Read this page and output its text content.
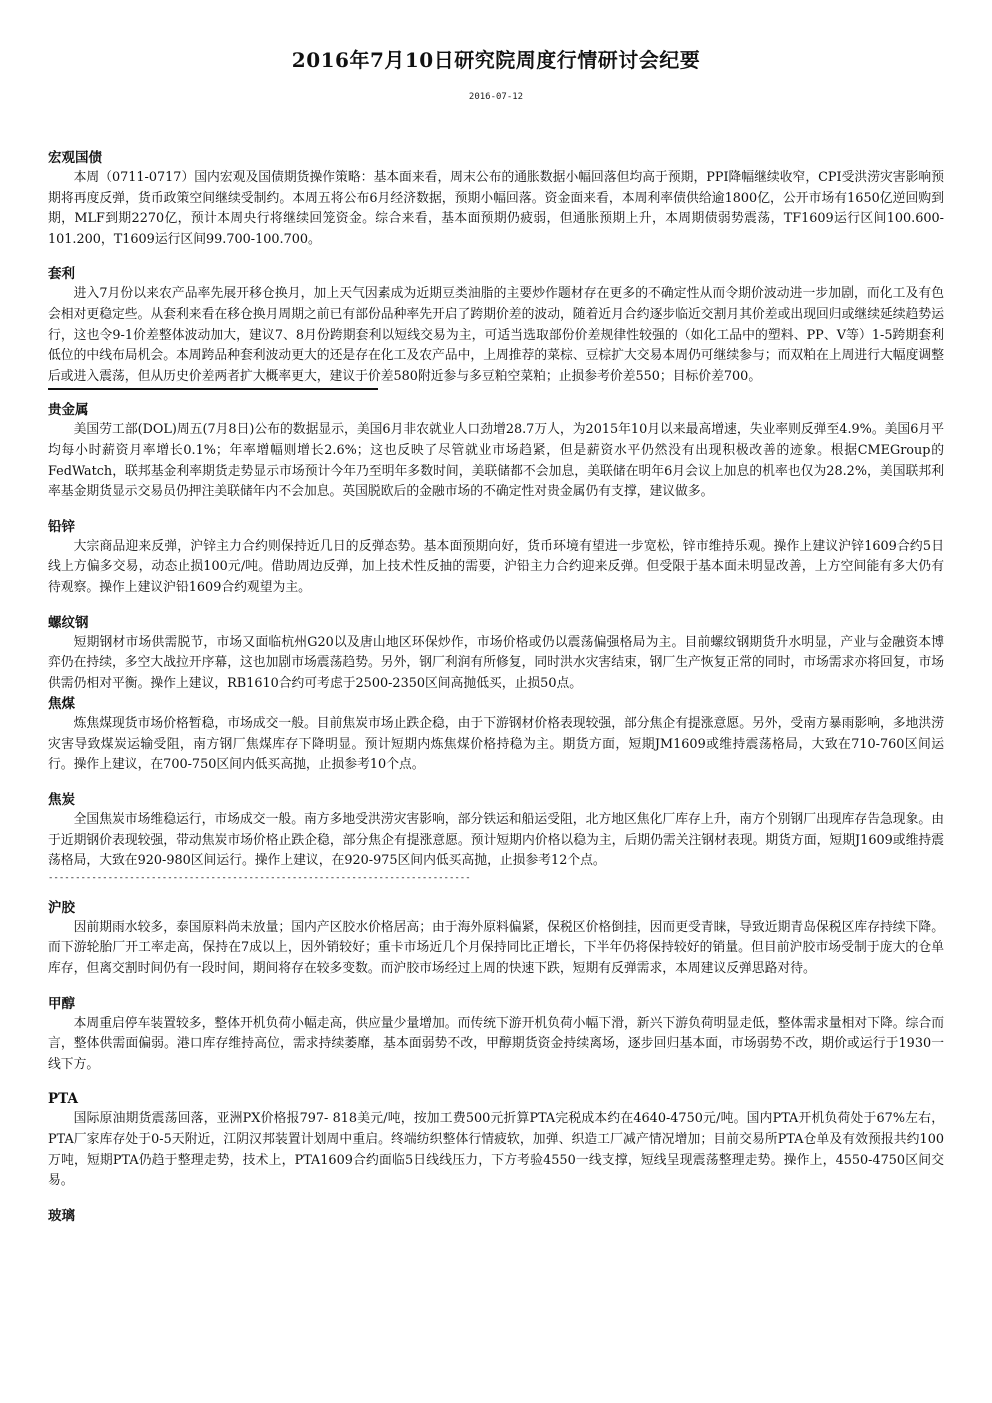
2016年7月10日研究院周度行情研讨会纪要
2016-07-12

宏观国债

本周（0711-0717）国内宏观及国债期货操作策略：基本面来看，周末公布的通胀数据小幅回落但均高于预期，PPI降幅继续收窄，CPI受洪涝灾害影响预期将再度反弹，货币政策空间继续受制约。本周五将公布6月经济数据，预期小幅回落。资金面来看，本周利率债供给逾1800亿，公开市场有1650亿逆回购到期，MLF到期2270亿，预计本周央行将继续回笼资金。综合来看，基本面预期仍疲弱，但通胀预期上升，本周期债弱势震荡，TF1609运行区间100.600-101.200，T1609运行区间99.700-100.700。

套利

进入7月份以来农产品率先展开移仓换月，加上天气因素成为近期豆类油脂的主要炒作题材存在更多的不确定性从而令期价波动进一步加剧，而化工及有色会相对更稳定些。从套利来看在移仓换月周期之前已有部份品种率先开启了跨期价差的波动，随着近月合约逐步临近交割月其价差或出现回归或继续延续趋势运行，这也令9-1价差整体波动加大，建议7、8月份跨期套利以短线交易为主，可适当选取部份价差规律性较强的（如化工品中的塑料、PP、V等）1-5跨期套利低位的中线布局机会。本周跨品种套利波动更大的还是存在化工及农产品中，上周推荐的菜棕、豆棕扩大交易本周仍可继续参与；而双粕在上周进行大幅度调整后或进入震荡，但从历史价差两者扩大概率更大，建议于价差580附近参与多豆粕空菜粕；止损参考价差550；目标价差700。

贵金属

美国劳工部(DOL)周五(7月8日)公布的数据显示，美国6月非农就业人口劲增28.7万人，为2015年10月以来最高增速，失业率则反弹至4.9%。美国6月平均每小时薪资月率增长0.1%；年率增幅则增长2.6%；这也反映了尽管就业市场趋紧，但是薪资水平仍然没有出现积极改善的迹象。根据CMEGroup的FedWatch，联邦基金利率期货走势显示市场预计今年乃至明年多数时间，美联储都不会加息，美联储在明年6月会议上加息的机率也仅为28.2%，美国联邦利率基金期货显示交易员仍押注美联储年内不会加息。英国脱欧后的金融市场的不确定性对贵金属仍有支撑，建议做多。

铅锌

大宗商品迎来反弹，沪锌主力合约则保持近几日的反弹态势。基本面预期向好，货币环境有望进一步宽松，锌市维持乐观。操作上建议沪锌1609合约5日线上方偏多交易，动态止损100元/吨。借助周边反弹，加上技术性反抽的需要，沪铅主力合约迎来反弹。但受限于基本面未明显改善，上方空间能有多大仍有待观察。操作上建议沪铅1609合约观望为主。

螺纹钢

短期钢材市场供需脱节，市场又面临杭州G20以及唐山地区环保炒作，市场价格或仍以震荡偏强格局为主。目前螺纹钢期货升水明显，产业与金融资本博弈仍在持续，多空大战拉开序幕，这也加剧市场震荡趋势。另外，钢厂利润有所修复，同时洪水灾害结束，钢厂生产恢复正常的同时，市场需求亦将回复，市场供需仍相对平衡。操作上建议，RB1610合约可考虑于2500-2350区间高抛低买，止损50点。

焦煤

炼焦煤现货市场价格暂稳，市场成交一般。目前焦炭市场止跌企稳，由于下游钢材价格表现较强，部分焦企有提涨意愿。另外，受南方暴雨影响，多地洪涝灾害导致煤炭运输受阻，南方钢厂焦煤库存下降明显。预计短期内炼焦煤价格持稳为主。期货方面，短期JM1609或维持震荡格局，大致在710-760区间运行。操作上建议，在700-750区间内低买高抛，止损参考10个点。

焦炭

全国焦炭市场维稳运行，市场成交一般。南方多地受洪涝灾害影响，部分铁运和船运受阻，北方地区焦化厂库存上升，南方个别钢厂出现库存告急现象。由于近期钢价表现较强，带动焦炭市场价格止跌企稳，部分焦企有提涨意愿。预计短期内价格以稳为主，后期仍需关注钢材表现。期货方面，短期J1609或维持震荡格局，大致在920-980区间运行。操作上建议，在920-975区间内低买高抛，止损参考12个点。

------------------------------------------------------------------------------

沪胶

因前期雨水较多，泰国原料尚未放量；国内产区胶水价格居高；由于海外原料偏紧，保税区价格倒挂，因而更受青睐，导致近期青岛保税区库存持续下降。而下游轮胎厂开工率走高，保持在7成以上，因外销较好；重卡市场近几个月保持同比正增长，下半年仍将保持较好的销量。但目前沪胶市场受制于庞大的仓单库存，但离交割时间仍有一段时间，期间将存在较多变数。而沪胶市场经过上周的快速下跌，短期有反弹需求，本周建议反弹思路对待。

甲醇

本周重启停车装置较多，整体开机负荷小幅走高，供应量少量增加。而传统下游开机负荷小幅下滑，新兴下游负荷明显走低，整体需求量相对下降。综合而言，整体供需面偏弱。港口库存维持高位，需求持续萎靡，基本面弱势不改，甲醇期货资金持续离场，逐步回归基本面，市场弱势不改，期价或运行于1930一线下方。

PTA

国际原油期货震荡回落，亚洲PX价格报797- 818美元/吨，按加工费500元折算PTA完税成本约在4640-4750元/吨。国内PTA开机负荷处于67%左右，PTA厂家库存处于0-5天附近，江阴汉邦装置计划周中重启。终端纺织整体行情疲软，加弹、织造工厂减产情况增加；目前交易所PTA仓单及有效预报共约100万吨，短期PTA仍趋于整理走势，技术上，PTA1609合约面临5日线线压力，下方考验4550一线支撑，短线呈现震荡整理走势。操作上，4550-4750区间交易。

玻璃
